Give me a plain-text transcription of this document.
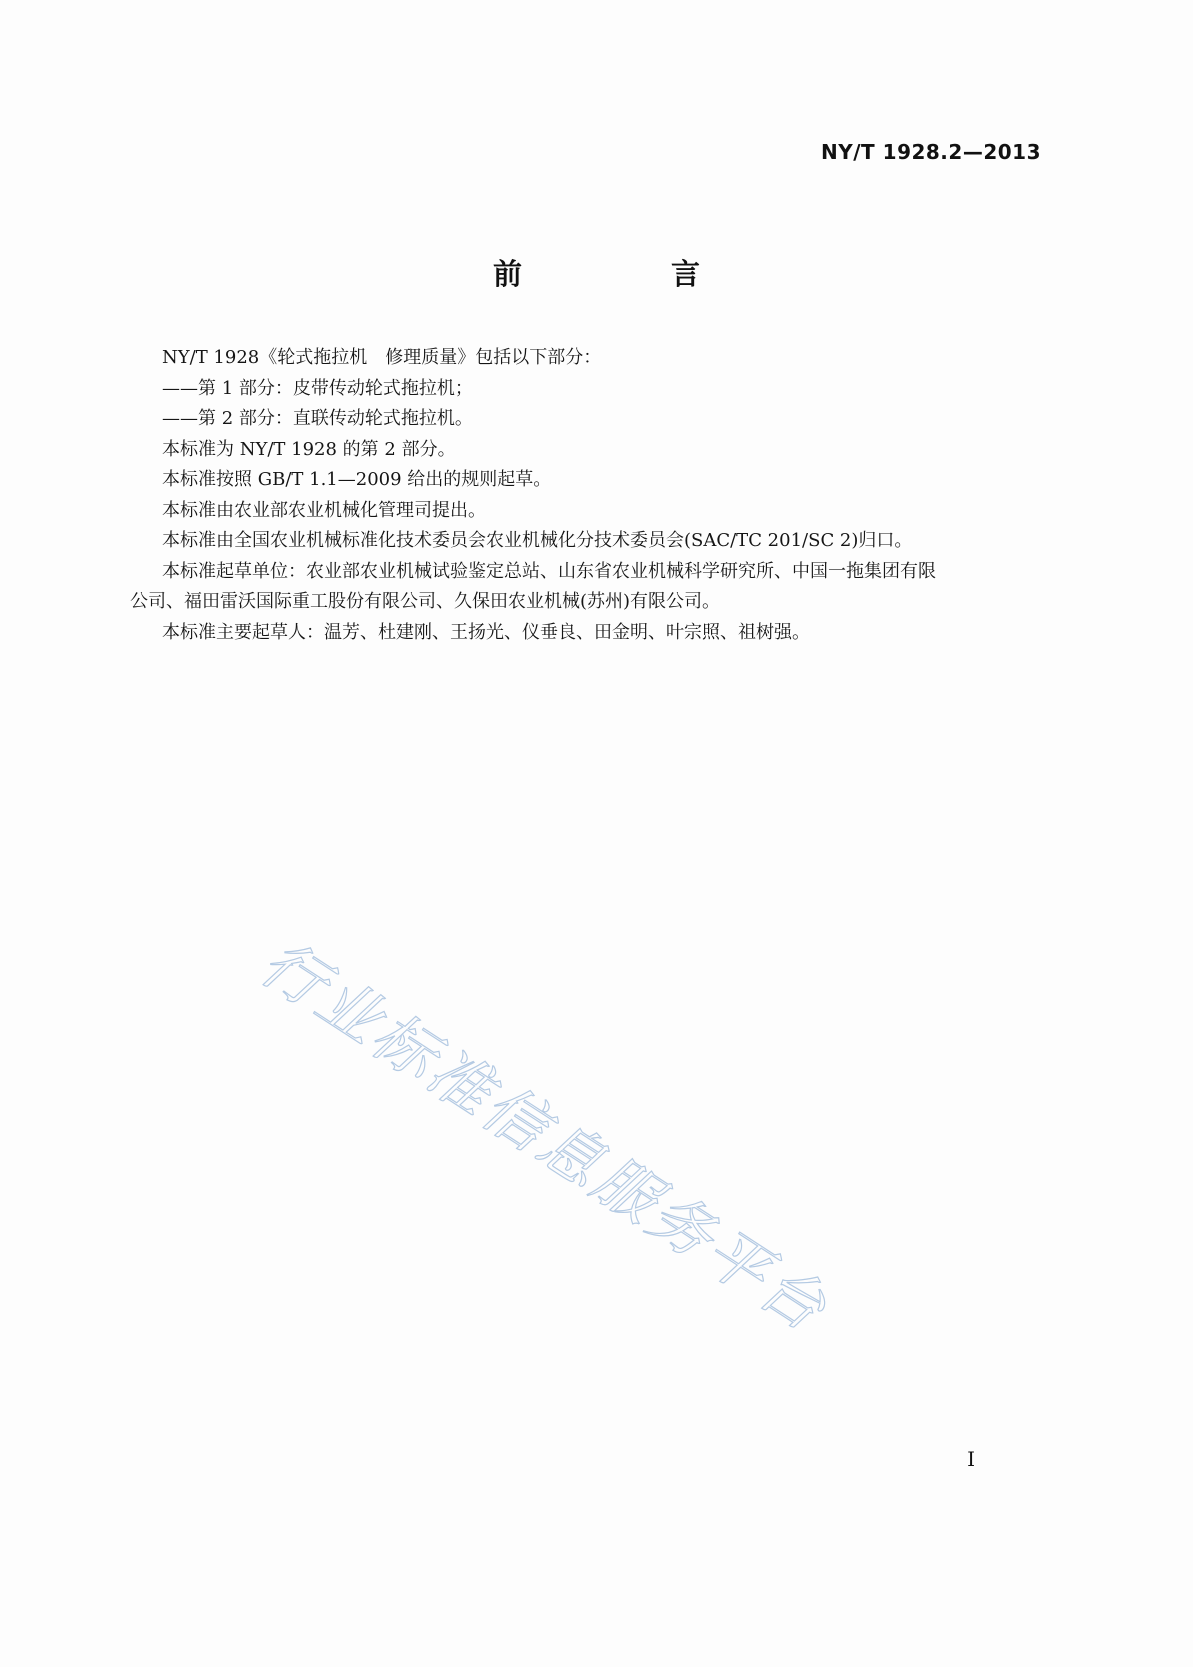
NY/T 1928.2—2013
前　言

NY/T 1928《轮式拖拉机　修理质量》包括以下部分：

——第 1 部分：皮带传动轮式拖拉机；

——第 2 部分：直联传动轮式拖拉机。

本标准为 NY/T 1928 的第 2 部分。

本标准按照 GB/T 1.1—2009 给出的规则起草。

本标准由农业部农业机械化管理司提出。

本标准由全国农业机械标准化技术委员会农业机械化分技术委员会(SAC/TC 201/SC 2)归口。

本标准起草单位：农业部农业机械试验鉴定总站、山东省农业机械科学研究所、中国一拖集团有限

公司、福田雷沃国际重工股份有限公司、久保田农业机械(苏州)有限公司。

本标准主要起草人：温芳、杜建刚、王扬光、仪垂良、田金明、叶宗照、祖树强。

行业标准信息服务平台
I
